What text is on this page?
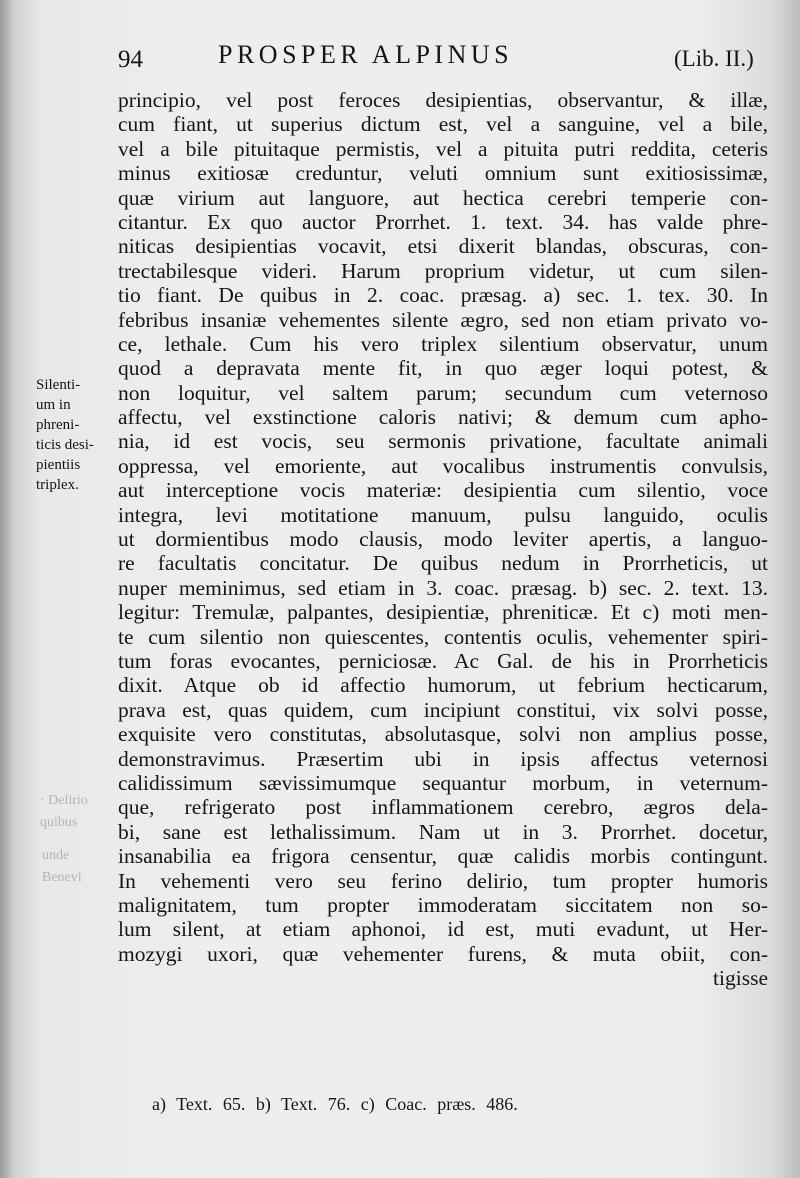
· Delirio
quibus
unde
Benevi
94	PROSPER ALPINUS	(Lib. II.)
Silenti-
um in
phreni-
ticis desi-
pientiis
triplex.
principio, vel post feroces desipientias, observantur, & illæ,
cum fiant, ut superius dictum est, vel a sanguine, vel a bile,
vel a bile pituitaque permistis, vel a pituita putri reddita, ceteris
minus exitiosæ creduntur, veluti omnium sunt exitiosissimæ,
quæ virium aut languore, aut hectica cerebri temperie con-
citantur. Ex quo auctor Prorrhet. 1. text. 34. has valde phre-
niticas desipientias vocavit, etsi dixerit blandas, obscuras, con-
trectabilesque videri. Harum proprium videtur, ut cum silen-
tio fiant. De quibus in 2. coac. præsag. a) sec. 1. tex. 30. In
febribus insaniæ vehementes silente ægro, sed non etiam privato vo-
ce, lethale. Cum his vero triplex silentium observatur, unum
quod a depravata mente fit, in quo æger loqui potest, &
non loquitur, vel saltem parum; secundum cum veternoso
affectu, vel exstinctione caloris nativi; & demum cum apho-
nia, id est vocis, seu sermonis privatione, facultate animali
oppressa, vel emoriente, aut vocalibus instrumentis convulsis,
aut interceptione vocis materiæ: desipientia cum silentio, voce
integra, levi motitatione manuum, pulsu languido, oculis
ut dormientibus modo clausis, modo leviter apertis, a languo-
re facultatis concitatur. De quibus nedum in Prorrheticis, ut
nuper meminimus, sed etiam in 3. coac. præsag. b) sec. 2. text. 13.
legitur: Tremulæ, palpantes, desipientiæ, phreniticæ. Et c) moti men-
te cum silentio non quiescentes, contentis oculis, vehementer spiri-
tum foras evocantes, perniciosæ. Ac Gal. de his in Prorrheticis
dixit. Atque ob id affectio humorum, ut febrium hecticarum,
prava est, quas quidem, cum incipiunt constitui, vix solvi posse,
exquisite vero constitutas, absolutasque, solvi non amplius posse,
demonstravimus. Præsertim ubi in ipsis affectus veternosi
calidissimum sævissimumque sequantur morbum, in veternum-
que, refrigerato post inflammationem cerebro, ægros dela-
bi, sane est lethalissimum. Nam ut in 3. Prorrhet. docetur,
insanabilia ea frigora censentur, quæ calidis morbis contingunt.
In vehementi vero seu ferino delirio, tum propter humoris
malignitatem, tum propter immoderatam siccitatem non so-
lum silent, at etiam aphonoi, id est, muti evadunt, ut Her-
mozygi uxori, quæ vehementer furens, & muta obiit, con-
tigisse
a) Text. 65. b) Text. 76. c) Coac. præs. 486.
